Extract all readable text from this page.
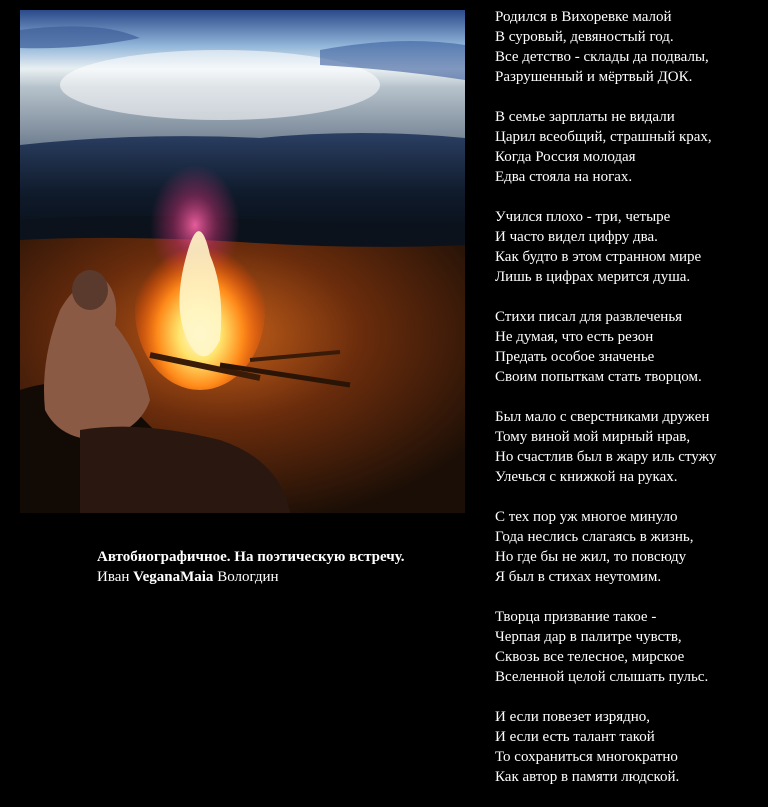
Автобиографичное. На поэтическую встречу.
Иван VeganaMaia Вологдин
Родился в Вихоревке малой
В суровый, девяностый год.
Все детство - склады да подвалы,
Разрушенный и мёртвый ДОК.
В семье зарплаты не видали
Царил всеобщий, страшный крах,
Когда Россия молодая
Едва стояла на ногах.
Учился плохо - три, четыре
И часто видел цифру два.
Как будто в этом странном мире
Лишь в цифрах мерится душа.
Стихи писал для развлеченья
Не думая, что есть резон
Предать особое значенье
Своим попыткам стать творцом.
Был мало с сверстниками дружен
Тому виной мой мирный нрав,
Но счастлив был в жару иль стужу
Улечься с книжкой на руках.
С тех пор уж многое минуло
Года неслись слагаясь в жизнь,
Но где бы не жил, то повсюду
Я был в стихах неутомим.
Творца призвание такое -
Черпая дар в палитре чувств,
Сквозь все телесное, мирское
Вселенной целой слышать пульс.
И если повезет изрядно,
И если есть талант такой
То сохраниться многократно
Как автор в памяти людской.
